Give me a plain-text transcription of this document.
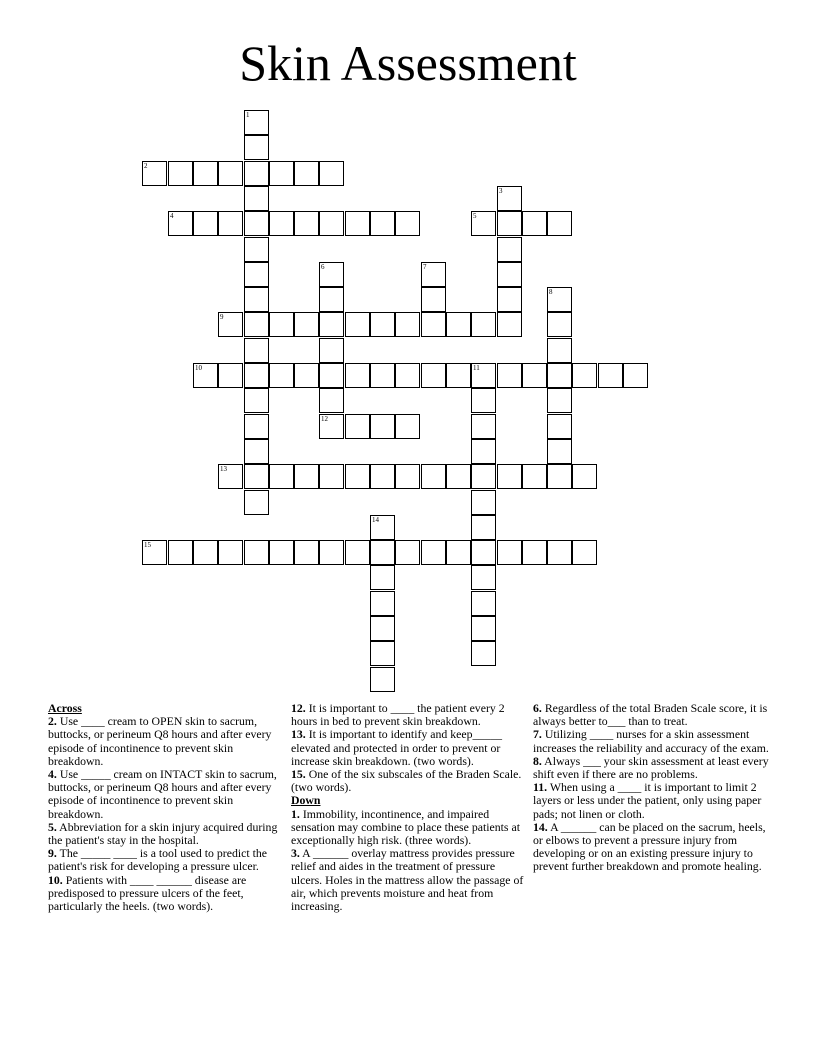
Skin Assessment
1
2
3
4	5
6	7
8
9
10	11
12
13
14
15
Across
2. Use ____ cream to OPEN skin to sacrum, buttocks, or perineum Q8 hours and after every episode of incontinence to prevent skin breakdown.
4. Use _____ cream on INTACT skin to sacrum, buttocks, or perineum Q8 hours and after every episode of incontinence to prevent skin breakdown.
5. Abbreviation for a skin injury acquired during the patient's stay in the hospital.
9. The _____ ____ is a tool used to predict the patient's risk for developing a pressure ulcer.
10. Patients with ____ ______ disease are predisposed to pressure ulcers of the feet, particularly the heels. (two words).
12. It is important to ____ the patient every 2 hours in bed to prevent skin breakdown.
13. It is important to identify and keep_____ elevated and protected in order to prevent or increase skin breakdown. (two words).
15. One of the six subscales of the Braden Scale. (two words).
Down
1. Immobility, incontinence, and impaired sensation may combine to place these patients at exceptionally high risk. (three words).
3. A ______ overlay mattress provides pressure relief and aides in the treatment of pressure ulcers. Holes in the mattress allow the passage of air, which prevents moisture and heat from increasing.
6. Regardless of the total Braden Scale score, it is always better to___ than to treat.
7. Utilizing ____ nurses for a skin assessment increases the reliability and accuracy of the exam.
8. Always ___ your skin assessment at least every shift even if there are no problems.
11. When using a ____ it is important to limit 2 layers or less under the patient, only using paper pads; not linen or cloth.
14. A ______ can be placed on the sacrum, heels, or elbows to prevent a pressure injury from developing or on an existing pressure injury to prevent further breakdown and promote healing.
